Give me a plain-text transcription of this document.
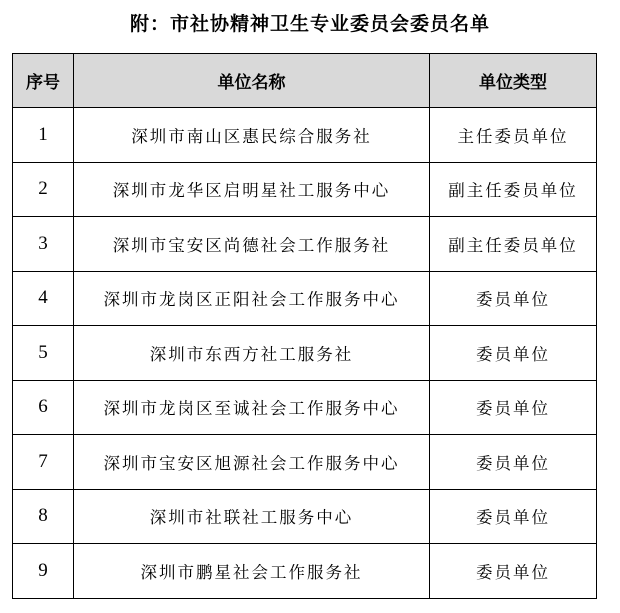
附：市社协精神卫生专业委员会委员名单
序号	单位名称	单位类型
1	深圳市南山区惠民综合服务社	主任委员单位
2	深圳市龙华区启明星社工服务中心	副主任委员单位
3	深圳市宝安区尚德社会工作服务社	副主任委员单位
4	深圳市龙岗区正阳社会工作服务中心	委员单位
5	深圳市东西方社工服务社	委员单位
6	深圳市龙岗区至诚社会工作服务中心	委员单位
7	深圳市宝安区旭源社会工作服务中心	委员单位
8	深圳市社联社工服务中心	委员单位
9	深圳市鹏星社会工作服务社	委员单位
